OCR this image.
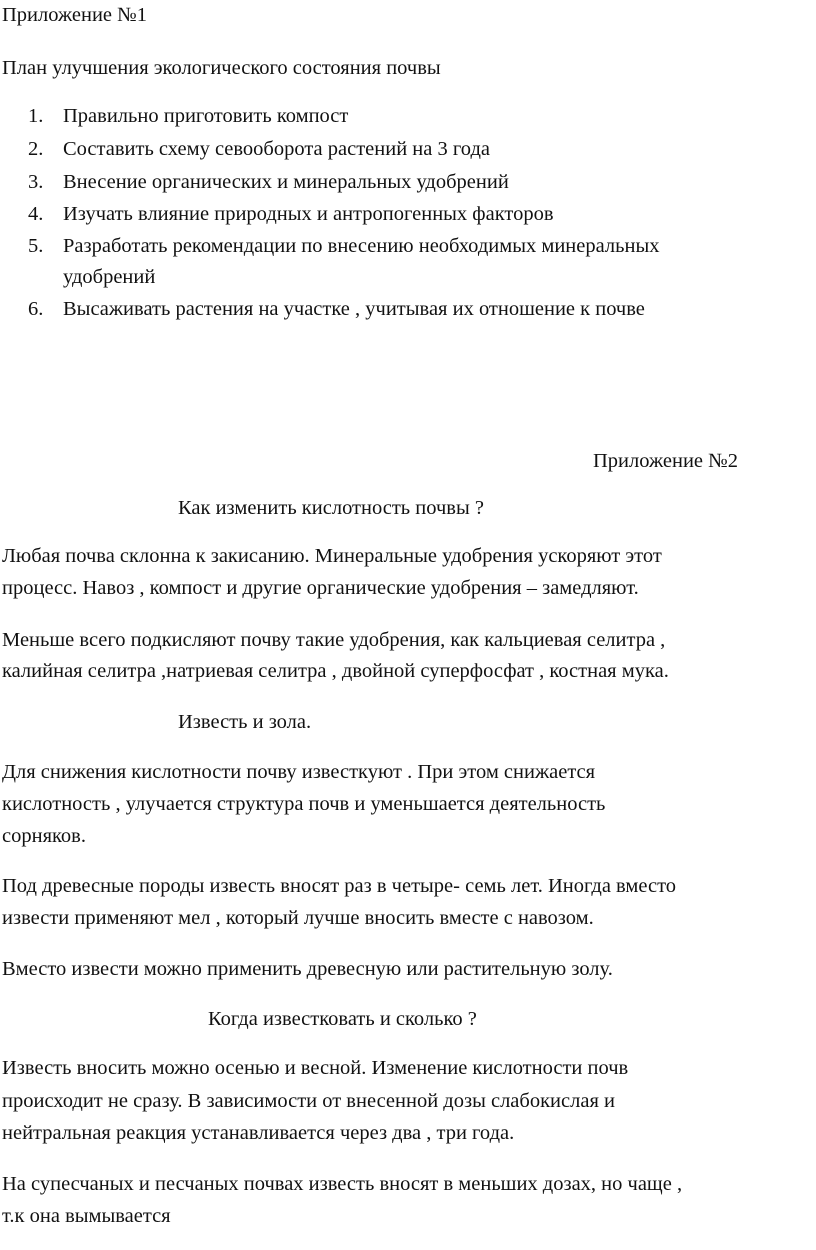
Приложение №1
План улучшения экологического состояния почвы
1. Правильно приготовить компост
2. Составить схему севооборота растений на 3 года
3. Внесение органических и минеральных удобрений
4. Изучать влияние природных и антропогенных факторов
5. Разработать рекомендации по внесению необходимых минеральных
удобрений
6. Высаживать растения на участке , учитывая их отношение к почве
Приложение №2
Как изменить кислотность почвы ?
Любая почва склонна к закисанию. Минеральные удобрения ускоряют этот
процесс. Навоз , компост и другие органические удобрения – замедляют.
Меньше всего подкисляют почву такие удобрения, как кальциевая селитра ,
калийная селитра ,натриевая селитра , двойной суперфосфат , костная мука.
Известь и зола.
Для снижения кислотности почву известкуют . При этом снижается
кислотность , улучается структура почв и уменьшается деятельность
сорняков.
Под древесные породы известь вносят раз в четыре- семь лет. Иногда вместо
извести применяют мел , который лучше вносить вместе с навозом.
Вместо извести можно применить древесную или растительную золу.
Когда известковать и сколько ?
Известь вносить можно осенью и весной. Изменение кислотности почв
происходит не сразу. В зависимости от внесенной дозы слабокислая и
нейтральная реакция устанавливается через два , три года.
На супесчаных и песчаных почвах известь вносят в меньших дозах, но чаще ,
т.к она вымывается
